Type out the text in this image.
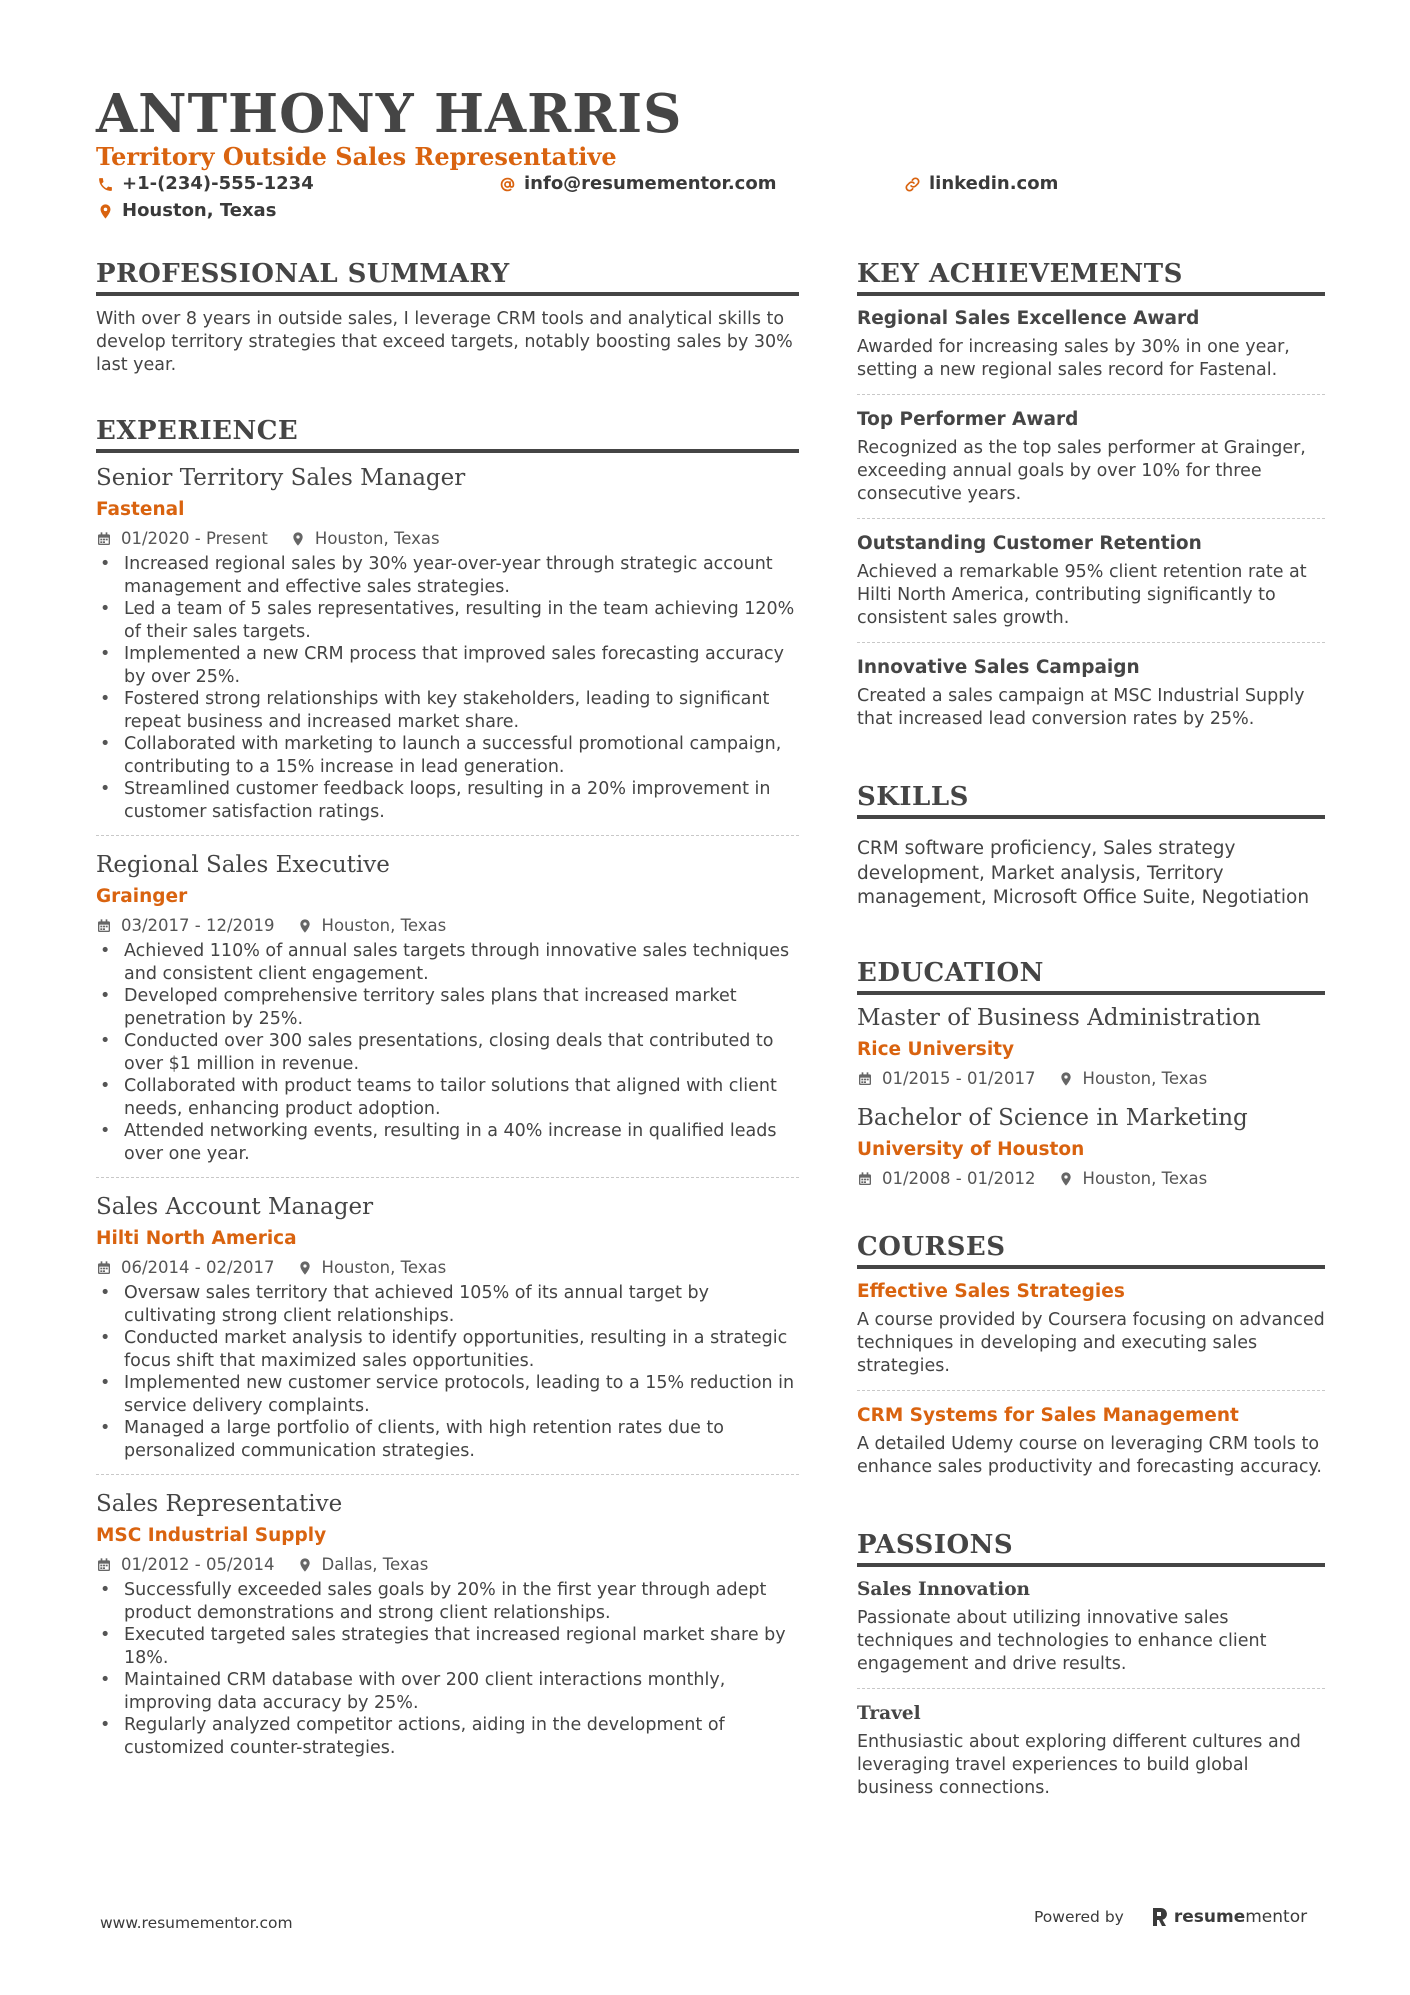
ANTHONY HARRIS
Territory Outside Sales Representative
+1-(234)-555-1234	info@resumementor.com	linkedin.com
Houston, Texas
PROFESSIONAL SUMMARY

With over 8 years in outside sales, I leverage CRM tools and analytical skills to develop territory strategies that exceed targets, notably boosting sales by 30% last year.

EXPERIENCE
Senior Territory Sales Manager
Fastenal
01/2020 - Present	Houston, Texas
• Increased regional sales by 30% year-over-year through strategic account management and effective sales strategies.
• Led a team of 5 sales representatives, resulting in the team achieving 120% of their sales targets.
• Implemented a new CRM process that improved sales forecasting accuracy by over 25%.
• Fostered strong relationships with key stakeholders, leading to significant repeat business and increased market share.
• Collaborated with marketing to launch a successful promotional campaign, contributing to a 15% increase in lead generation.
• Streamlined customer feedback loops, resulting in a 20% improvement in customer satisfaction ratings.
Regional Sales Executive
Grainger
03/2017 - 12/2019	Houston, Texas
• Achieved 110% of annual sales targets through innovative sales techniques and consistent client engagement.
• Developed comprehensive territory sales plans that increased market penetration by 25%.
• Conducted over 300 sales presentations, closing deals that contributed to over $1 million in revenue.
• Collaborated with product teams to tailor solutions that aligned with client needs, enhancing product adoption.
• Attended networking events, resulting in a 40% increase in qualified leads over one year.
Sales Account Manager
Hilti North America
06/2014 - 02/2017	Houston, Texas
• Oversaw sales territory that achieved 105% of its annual target by cultivating strong client relationships.
• Conducted market analysis to identify opportunities, resulting in a strategic focus shift that maximized sales opportunities.
• Implemented new customer service protocols, leading to a 15% reduction in service delivery complaints.
• Managed a large portfolio of clients, with high retention rates due to personalized communication strategies.
Sales Representative
MSC Industrial Supply
01/2012 - 05/2014	Dallas, Texas
• Successfully exceeded sales goals by 20% in the first year through adept product demonstrations and strong client relationships.
• Executed targeted sales strategies that increased regional market share by 18%.
• Maintained CRM database with over 200 client interactions monthly, improving data accuracy by 25%.
• Regularly analyzed competitor actions, aiding in the development of customized counter-strategies.
KEY ACHIEVEMENTS
Regional Sales Excellence Award

Awarded for increasing sales by 30% in one year, setting a new regional sales record for Fastenal.

Top Performer Award

Recognized as the top sales performer at Grainger, exceeding annual goals by over 10% for three consecutive years.

Outstanding Customer Retention

Achieved a remarkable 95% client retention rate at Hilti North America, contributing significantly to consistent sales growth.

Innovative Sales Campaign

Created a sales campaign at MSC Industrial Supply that increased lead conversion rates by 25%.

SKILLS

CRM software proficiency, Sales strategy development, Market analysis, Territory management, Microsoft Office Suite, Negotiation

EDUCATION
Master of Business Administration
Rice University
01/2015 - 01/2017	Houston, Texas
Bachelor of Science in Marketing
University of Houston
01/2008 - 01/2012	Houston, Texas
COURSES
Effective Sales Strategies

A course provided by Coursera focusing on advanced techniques in developing and executing sales strategies.

CRM Systems for Sales Management

A detailed Udemy course on leveraging CRM tools to enhance sales productivity and forecasting accuracy.

PASSIONS
Sales Innovation

Passionate about utilizing innovative sales techniques and technologies to enhance client engagement and drive results.

Travel

Enthusiastic about exploring different cultures and leveraging travel experiences to build global business connections.

www.resumementor.com	Powered by	resumementor
